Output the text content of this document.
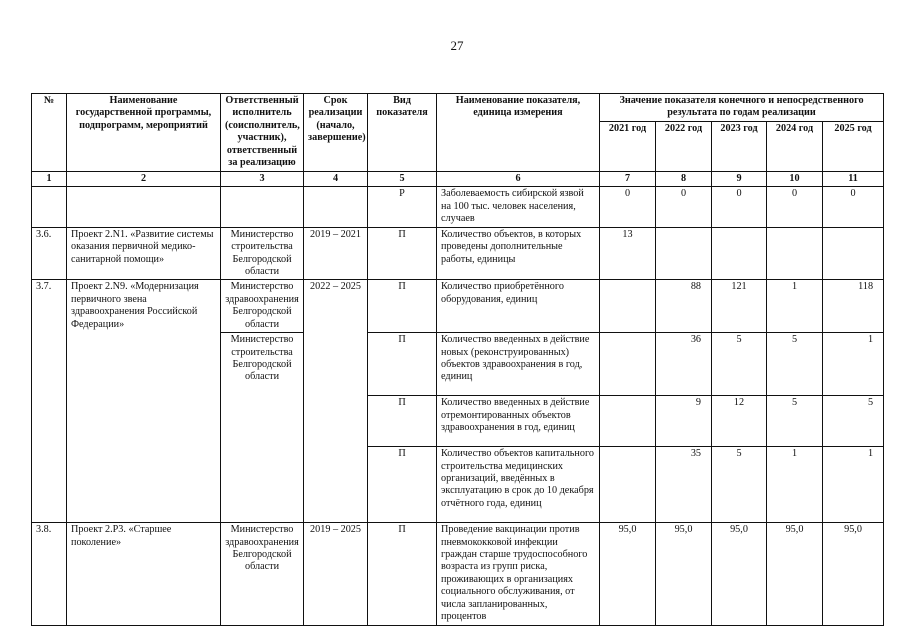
27
№	Наименование государственной программы, подпрограмм, мероприятий	Ответственный исполнитель (соисполнитель, участник), ответственный за реализацию	Срок реализации (начало, завершение)	Вид показателя	Наименование показателя, единица измерения	Значение показателя конечного и непосредственного результата по годам реализации				
						2021 год	2022 год	2023 год	2024 год	2025 год
1	2	3	4	5	6	7	8	9	10	11
				Р	Заболеваемость сибирской язвой на 100 тыс. человек населения, случаев	0	0	0	0	0
3.6.	Проект 2.N1. «Развитие системы оказания первичной медико-санитарной помощи»	Министерство строительства Белгородской области	2019 – 2021	П	Количество объектов, в которых проведены дополнительные работы, единицы	13				
3.7.	Проект 2.N9. «Модернизация первичного звена здравоохранения Российской Федерации»	Министерство здравоохранения Белгородской области	2022 – 2025	П	Количество приобретённого оборудования, единиц		88	121	1	118
		Министерство строительства Белгородской области		П	Количество введенных в действие новых (реконструированных) объектов здравоохранения в год, единиц		36	5	5	1
				П	Количество введенных в действие отремонтированных объектов здравоохранения в год, единиц		9	12	5	5
				П	Количество объектов капитального строительства медицинских организаций, введённых в эксплуатацию в срок до 10 декабря отчётного года, единиц		35	5	1	1
3.8.	Проект 2.Р3. «Старшее поколение»	Министерство здравоохранения Белгородской области	2019 – 2025	П	Проведение вакцинации против пневмококковой инфекции граждан старше трудоспособного возраста из групп риска, проживающих в организациях социального обслуживания, от числа запланированных, процентов	95,0	95,0	95,0	95,0	95,0
